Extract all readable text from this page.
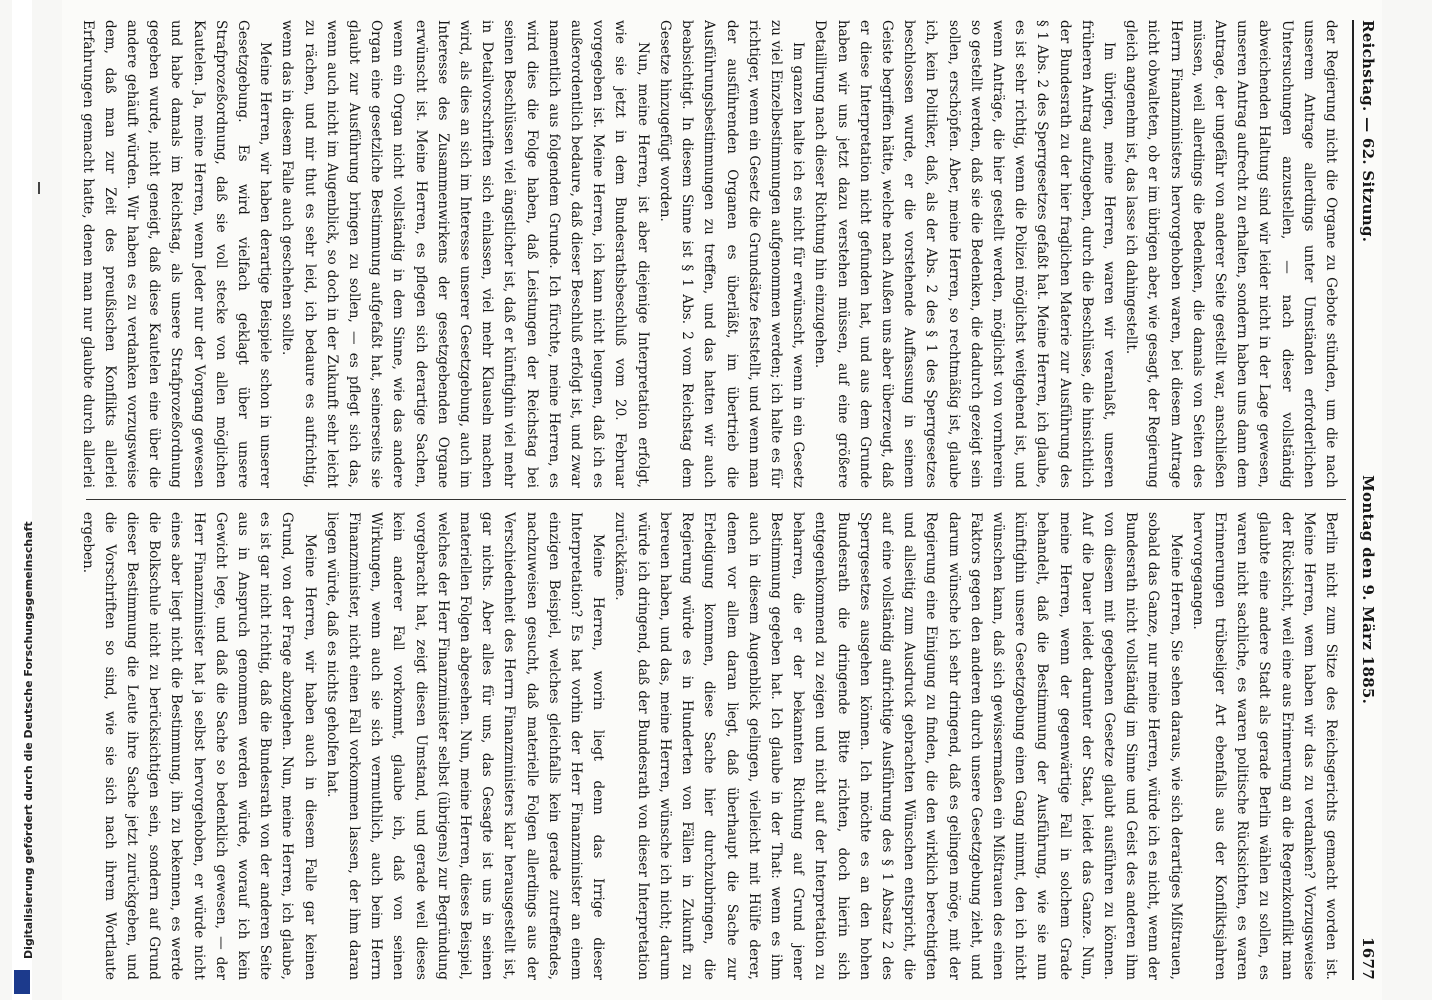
Reichstag. — 62. Sitzung.
Montag den 9. März 1885.
1677

der Regierung nicht die Organe zu Gebote stünden, um die nach unserem Antrage allerdings unter Umständen erforderlichen Untersuchungen anzustellen, — nach dieser vollständig abweichenden Haltung sind wir leider nicht in der Lage gewesen, unseren Antrag aufrecht zu erhalten, sondern haben uns dann dem Antrage, der ungefähr von anderer Seite gestellt war, anschließen müssen, weil allerdings die Bedenken, die damals von Seiten des Herrn Finanzministers hervorgehoben waren, bei diesem Antrage nicht obwalteten, ob er im übrigen aber, wie gesagt, der Regierung gleich angenehm ist, das lasse ich dahingestellt.

Im übrigen, meine Herren, waren wir veranlaßt, unseren früheren Antrag aufzugeben, durch die Beschlüsse, die hinsichtlich der Bundesrath zu der hier fraglichen Materie zur Ausführung des § 1 Abs. 2 des Sperrgesetzes gefaßt hat. Meine Herren, ich glaube, es ist sehr richtig, wenn die Polizei möglichst weitgehend ist, und wenn Anträge, die hier gestellt werden, möglichst von vornherein so gestellt werden, daß sie die Bedenken, die dadurch gezeigt sein sollen, erschöpfen. Aber, meine Herren, so rechtmäßig ist, glaube ich, kein Politiker, daß, als der Abs. 2 des § 1 des Sperrgesetzes beschlossen wurde, er die vorstehende Auffassung in seinem Geiste begriffen hätte, welche nach Außen uns aber überzeugt, daß er diese Interpretation nicht gefunden hat, und aus dem Grunde haben wir uns jetzt dazu verstehen müssen, auf eine größere Detaillirung nach dieser Richtung hin einzugehen.

Im ganzen halte ich es nicht für erwünscht, wenn in ein Gesetz zu viel Einzelbestimmungen aufgenommen werden; ich halte es für richtiger, wenn ein Gesetz die Grundsätze feststellt, und wenn man der ausführenden Organen es überläßt, im übertrieb die Ausführungsbestimmungen zu treffen, und das hatten wir auch beabsichtigt. In diesem Sinne ist § 1 Abs. 2 vom Reichstag dem Gesetze hinzugefügt worden.

Nun, meine Herren, ist aber diejenige Interpretation erfolgt, wie sie jetzt in dem Bundesrathsbeschluß vom 20. Februar vorgegeben ist. Meine Herren, ich kann nicht leugnen, daß ich es außerordentlich bedaure, daß dieser Beschluß erfolgt ist, und zwar namentlich aus folgendem Grunde. Ich fürchte, meine Herren, es wird dies die Folge haben, daß Leistungen der Reichstag bei seinen Beschlüssen viel ängstlicher ist, daß er künftighin viel mehr in Detailvorschriften sich einlassen, viel mehr Klauseln machen wird, als dies an sich im Interesse unserer Gesetzgebung, auch im Interesse des Zusammenwirkens der gesetzgebenden Organe erwünscht ist. Meine Herren, es pflegen sich derartige Sachen, wenn ein Organ nicht vollständig in dem Sinne, wie das andere Organ eine gesetzliche Bestimmung aufgefaßt hat, seinerseits sie glaubt zur Ausführung bringen zu sollen, — es pflegt sich das, wenn auch nicht im Augenblick, so doch in der Zukunft sehr leicht zu rächen, und mir thut es sehr leid, ich bedaure es aufrichtig, wenn das in diesem Falle auch geschehen sollte.

Meine Herren, wir haben derartige Beispiele schon in unserer Gesetzgebung. Es wird vielfach geklagt über unsere Strafprozeßordnung, daß sie voll stecke von allen möglichen Kautelen. Ja, meine Herren, wenn Jeder nur der Vorgang gewesen und habe damals im Reichstag, als unsere Strafprozeßordnung gegeben wurde, nicht geneigt, daß diese Kautelen eine über die andere gehäuft würden. Wir haben es zu verdanken vorzugsweise dem, daß man zur Zeit des preußischen Konflikts allerlei Erfahrungen gemacht hatte, denen man nur glaubte durch allerlei

Berlin nicht zum Sitze des Reichsgerichts gemacht worden ist. Meine Herren, wem haben wir das zu verdanken? Vorzugsweise der Rücksicht, weil eine aus Erinnerung an die Regenzkonflikt man glaubte eine andere Stadt als gerade Berlin wählen zu sollen, es waren nicht sachliche, es waren politische Rücksichten, es waren Erinnerungen trübseliger Art ebenfalls aus der Konfliktsjahren hervorgegangen.

Meine Herren, Sie sehen daraus, wie sich derartiges Mißtrauen, sobald das Ganze, nur meine Herren, würde ich es nicht, wenn der Bundesrath nicht vollständig im Sinne und Geist des anderen ihm von diesem mit gegebenen Gesetze glaubt ausführen zu können. Auf die Dauer leidet darunter der Staat, leidet das Ganze. Nun, meine Herren, wenn der gegenwärtige Fall in solchem Grade behandelt, daß die Bestimmung der Ausführung, wie sie nun künftighin unsere Gesetzgebung einen Gang nimmt, den ich nicht wünschen kann, daß sich gewissermaßen ein Mißtrauen des einen Faktors gegen den anderen durch unsere Gesetzgebung zieht, und darum wünsche ich sehr dringend, daß es gelingen möge, mit der Regierung eine Einigung zu finden, die den wirklich berechtigten und allseitig zum Ausdruck gebrachten Wünschen entspricht, die auf eine vollständig aufrichtige Ausführung des § 1 Absatz 2 des Sperrgesetzes ausgehen können. Ich möchte es an den hohen Bundesrath die dringende Bitte richten, doch hierin sich entgegenkommend zu zeigen und nicht auf der Interpretation zu beharren, die er der bekannten Richtung auf Grund jener Bestimmung gegeben hat. Ich glaube in der That: wenn es ihm auch in diesem Augenblick gelingen, vielleicht mit Hülfe derer, denen vor allem daran liegt, daß überhaupt die Sache zur Erledigung kommen, diese Sache hier durchzubringen, die Regierung würde es in Hunderten von Fällen in Zukunft zu bereuen haben, und das, meine Herren, wünsche ich nicht; darum würde ich dringend, daß der Bundesrath von dieser Interpretation zurückkäme.

Meine Herren, worin liegt denn das Irrige dieser Interpretation? Es hat vorhin der Herr Finanzminister an einem einzigen Beispiel, welches gleichfalls kein gerade zutreffendes, nachzuweisen gesucht, daß materielle Folgen allerdings aus der Verschiedenheit des Herrn Finanzministers klar herausgestellt ist, gar nichts. Aber alles für uns, das Gesagte ist uns in seinen materiellen Folgen abgesehen. Nun, meine Herren, dieses Beispiel, welches der Herr Finanzminister selbst (übrigens) zur Begründung vorgebracht hat, zeigt diesen Umstand, und gerade weil dieses kein anderer Fall vorkommt, glaube ich, daß von seinen Wirkungen, wenn auch sie sich vermuthlich, auch beim Herrn Finanzminister, nicht einen Fall vorkommen lassen, der ihm daran liegen würde, daß es nichts geholfen hat.

Meine Herren, wir haben auch in diesem Falle gar keinen Grund, von der Frage abzugehen. Nun, meine Herren, ich glaube, es ist gar nicht richtig, daß die Bundesrath von der anderen Seite aus in Anspruch genommen werden würde, worauf ich kein Gewicht lege, und daß die Sache so bedenklich gewesen, — der Herr Finanzminister hat ja selbst hervorgehoben, er würde nicht eines aber liegt nicht die Bestimmung, ihn zu bekennen, es werde die Bolkschule nicht zu berücksichtigen sein, sondern auf Grund dieser Bestimmung die Leute ihre Sache jetzt zurückgeben, und die Vorschriften so sind, wie sie sich nach ihrem Wortlaute ergeben.

Digitalisierung gefördert durch die Deutsche Forschungsgemeinschaft
